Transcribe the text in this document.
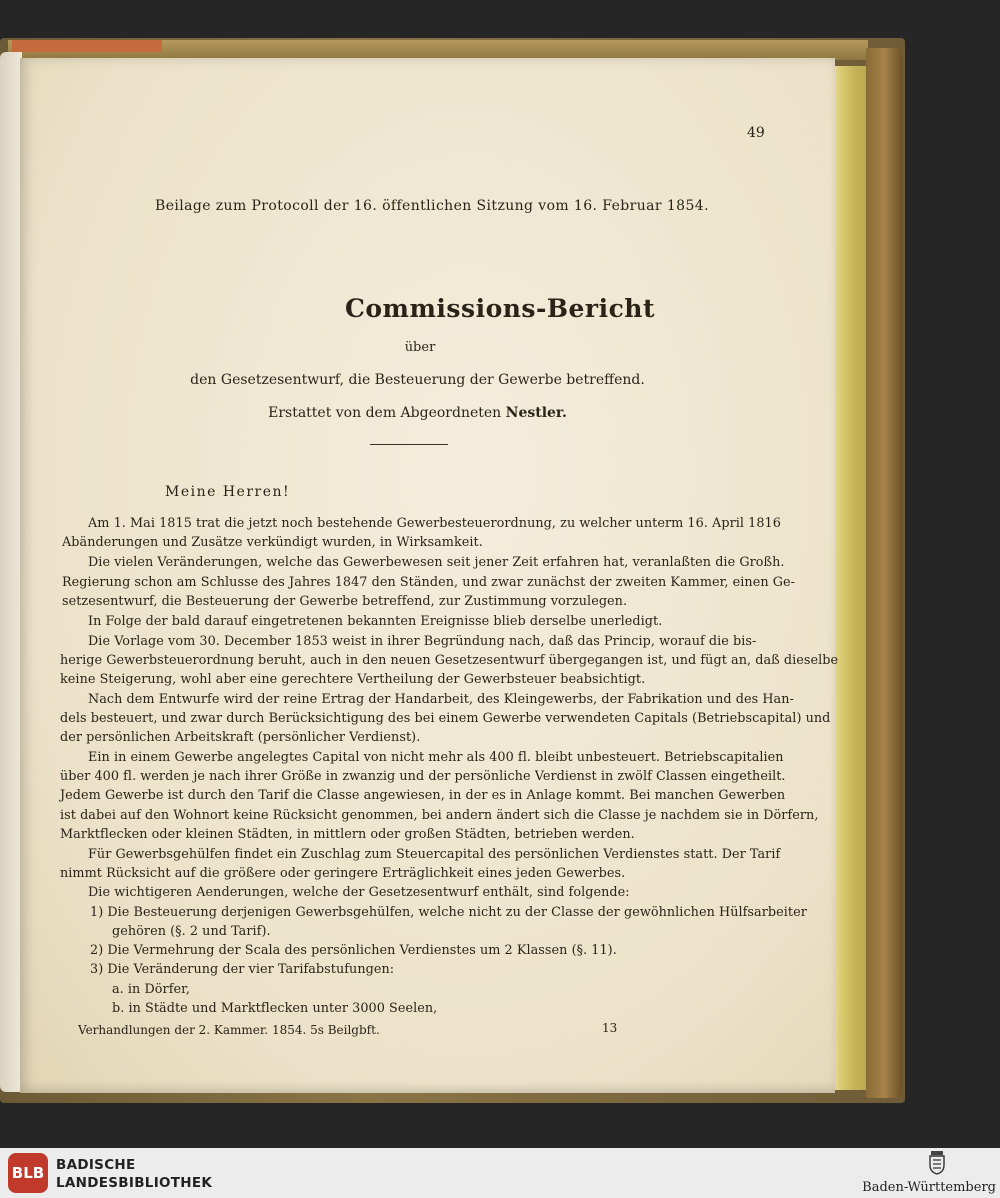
49
Beilage zum Protocoll der 16. öffentlichen Sitzung vom 16. Februar 1854.
Commissions-Bericht
über
den Gesetzesentwurf, die Besteuerung der Gewerbe betreffend.
Erstattet von dem Abgeordneten Nestler.
Meine Herren!
Am 1. Mai 1815 trat die jetzt noch bestehende Gewerbesteuerordnung, zu welcher unterm 16. April 1816
Abänderungen und Zusätze verkündigt wurden, in Wirksamkeit.
Die vielen Veränderungen, welche das Gewerbewesen seit jener Zeit erfahren hat, veranlaßten die Großh.
Regierung schon am Schlusse des Jahres 1847 den Ständen, und zwar zunächst der zweiten Kammer, einen Ge-
setzesentwurf, die Besteuerung der Gewerbe betreffend, zur Zustimmung vorzulegen.
In Folge der bald darauf eingetretenen bekannten Ereignisse blieb derselbe unerledigt.
Die Vorlage vom 30. December 1853 weist in ihrer Begründung nach, daß das Princip, worauf die bis-
herige Gewerbsteuerordnung beruht, auch in den neuen Gesetzesentwurf übergegangen ist, und fügt an, daß dieselbe
keine Steigerung, wohl aber eine gerechtere Vertheilung der Gewerbsteuer beabsichtigt.
Nach dem Entwurfe wird der reine Ertrag der Handarbeit, des Kleingewerbs, der Fabrikation und des Han-
dels besteuert, und zwar durch Berücksichtigung des bei einem Gewerbe verwendeten Capitals (Betriebscapital) und
der persönlichen Arbeitskraft (persönlicher Verdienst).
Ein in einem Gewerbe angelegtes Capital von nicht mehr als 400 fl. bleibt unbesteuert. Betriebscapitalien
über 400 fl. werden je nach ihrer Größe in zwanzig und der persönliche Verdienst in zwölf Classen eingetheilt.
Jedem Gewerbe ist durch den Tarif die Classe angewiesen, in der es in Anlage kommt. Bei manchen Gewerben
ist dabei auf den Wohnort keine Rücksicht genommen, bei andern ändert sich die Classe je nachdem sie in Dörfern,
Marktflecken oder kleinen Städten, in mittlern oder großen Städten, betrieben werden.
Für Gewerbsgehülfen findet ein Zuschlag zum Steuercapital des persönlichen Verdienstes statt. Der Tarif
nimmt Rücksicht auf die größere oder geringere Erträglichkeit eines jeden Gewerbes.
Die wichtigeren Aenderungen, welche der Gesetzesentwurf enthält, sind folgende:
1) Die Besteuerung derjenigen Gewerbsgehülfen, welche nicht zu der Classe der gewöhnlichen Hülfsarbeiter
gehören (§. 2 und Tarif).
2) Die Vermehrung der Scala des persönlichen Verdienstes um 2 Klassen (§. 11).
3) Die Veränderung der vier Tarifabstufungen:
a. in Dörfer,
b. in Städte und Marktflecken unter 3000 Seelen,
Verhandlungen der 2. Kammer. 1854. 5s Beilgbft.	13
BLB BADISCHE
LANDESBIBLIOTHEK	Baden-Württemberg
